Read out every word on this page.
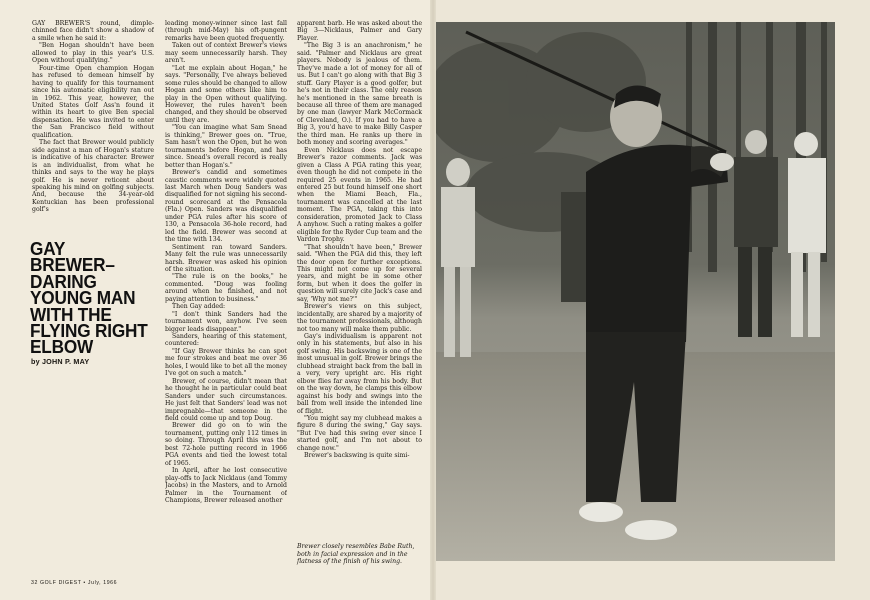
GAY BREWER'S round, dimple-chinned face didn't show a shadow of a smile when he said it:

"Ben Hogan shouldn't have been allowed to play in this year's U.S. Open without qualifying."

Four-time Open champion Hogan has refused to demean himself by having to qualify for this tournament since his automatic eligibility ran out in 1962. This year, however, the United States Golf Ass'n found it within its heart to give Ben special dispensation. He was invited to enter the San Francisco field without qualification.

The fact that Brewer would publicly side against a man of Hogan's stature is indicative of his character. Brewer is an individualist, from what he thinks and says to the way he plays golf. He is never reticent about speaking his mind on golfing subjects. And, because the 34-year-old Kentuckian has been professional golf's

GAY BREWER–DARING YOUNG MAN WITH THE FLYING RIGHT ELBOW
by JOHN P. MAY

leading money-winner since last fall (through mid-May) his oft-pungent remarks have been quoted frequently.

Taken out of context Brewer's views may seem unnecessarily harsh. They aren't.

"Let me explain about Hogan," he says. "Personally, I've always believed some rules should be changed to allow Hogan and some others like him to play in the Open without qualifying. However, the rules haven't been changed, and they should be observed until they are.

"You can imagine what Sam Snead is thinking," Brewer goes on. "True, Sam hasn't won the Open, but he won tournaments before Hogan, and has since. Snead's overall record is really better than Hogan's."

Brewer's candid and sometimes caustic comments were widely quoted last March when Doug Sanders was disqualified for not signing his second-round scorecard at the Pensacola (Fla.) Open. Sanders was disqualified under PGA rules after his score of 130, a Pensacola 36-hole record, had led the field. Brewer was second at the time with 134.

Sentiment ran toward Sanders. Many felt the rule was unnecessarily harsh. Brewer was asked his opinion of the situation.

"The rule is on the books," he commented. "Doug was fooling around when he finished, and not paying attention to business."

Then Gay added:

"I don't think Sanders had the tournament won, anyhow. I've seen bigger leads disappear."

Sanders, hearing of this statement, countered:

"If Gay Brewer thinks he can spot me four strokes and beat me over 36 holes, I would like to bet all the money I've got on such a match."

Brewer, of course, didn't mean that he thought he in particular could beat Sanders under such circumstances. He just felt that Sanders' lead was not impregnable—that someone in the field could come up and top Doug.

Brewer did go on to win the tournament, putting only 112 times in so doing. Through April this was the best 72-hole putting record in 1966 PGA events and tied the lowest total of 1965.

In April, after he lost consecutive play-offs to Jack Nicklaus (and Tommy Jacobs) in the Masters, and to Arnold Palmer in the Tournament of Champions, Brewer released another

apparent barb. He was asked about the Big 3—Nicklaus, Palmer and Gary Player.

"The Big 3 is an anachronism," he said. "Palmer and Nicklaus are great players. Nobody is jealous of them. They've made a lot of money for all of us. But I can't go along with that Big 3 stuff. Gary Player is a good golfer, but he's not in their class. The only reason he's mentioned in the same breath is because all three of them are managed by one man (lawyer Mark McCormack of Cleveland, O.). If you had to have a Big 3, you'd have to make Billy Casper the third man. He ranks up there in both money and scoring averages."

Even Nicklaus does not escape Brewer's razor comments. Jack was given a Class A PGA rating this year, even though he did not compete in the required 25 events in 1965. He had entered 25 but found himself one short when the Miami Beach, Fla., tournament was cancelled at the last moment. The PGA, taking this into consideration, promoted Jack to Class A anyhow. Such a rating makes a golfer eligible for the Ryder Cup team and the Vardon Trophy.

"That shouldn't have been," Brewer said. "When the PGA did this, they left the door open for further exceptions. This might not come up for several years, and might be in some other form, but when it does the golfer in question will surely cite Jack's case and say, 'Why not me?'"

Brewer's views on this subject, incidentally, are shared by a majority of the tournament professionals, although not too many will make them public.

Gay's individualism is apparent not only in his statements, but also in his golf swing. His backswing is one of the most unusual in golf. Brewer brings the clubhead straight back from the ball in a very, very upright arc. His right elbow flies far away from his body. But on the way down, he clamps this elbow against his body and swings into the ball from well inside the intended line of flight.

"You might say my clubhead makes a figure 8 during the swing," Gay says. "But I've had this swing ever since I started golf, and I'm not about to change now."

Brewer's backswing is quite simi-

Brewer closely resembles Babe Ruth, both in facial expression and in the flatness of the finish of his swing.
32 GOLF DIGEST • July, 1966
